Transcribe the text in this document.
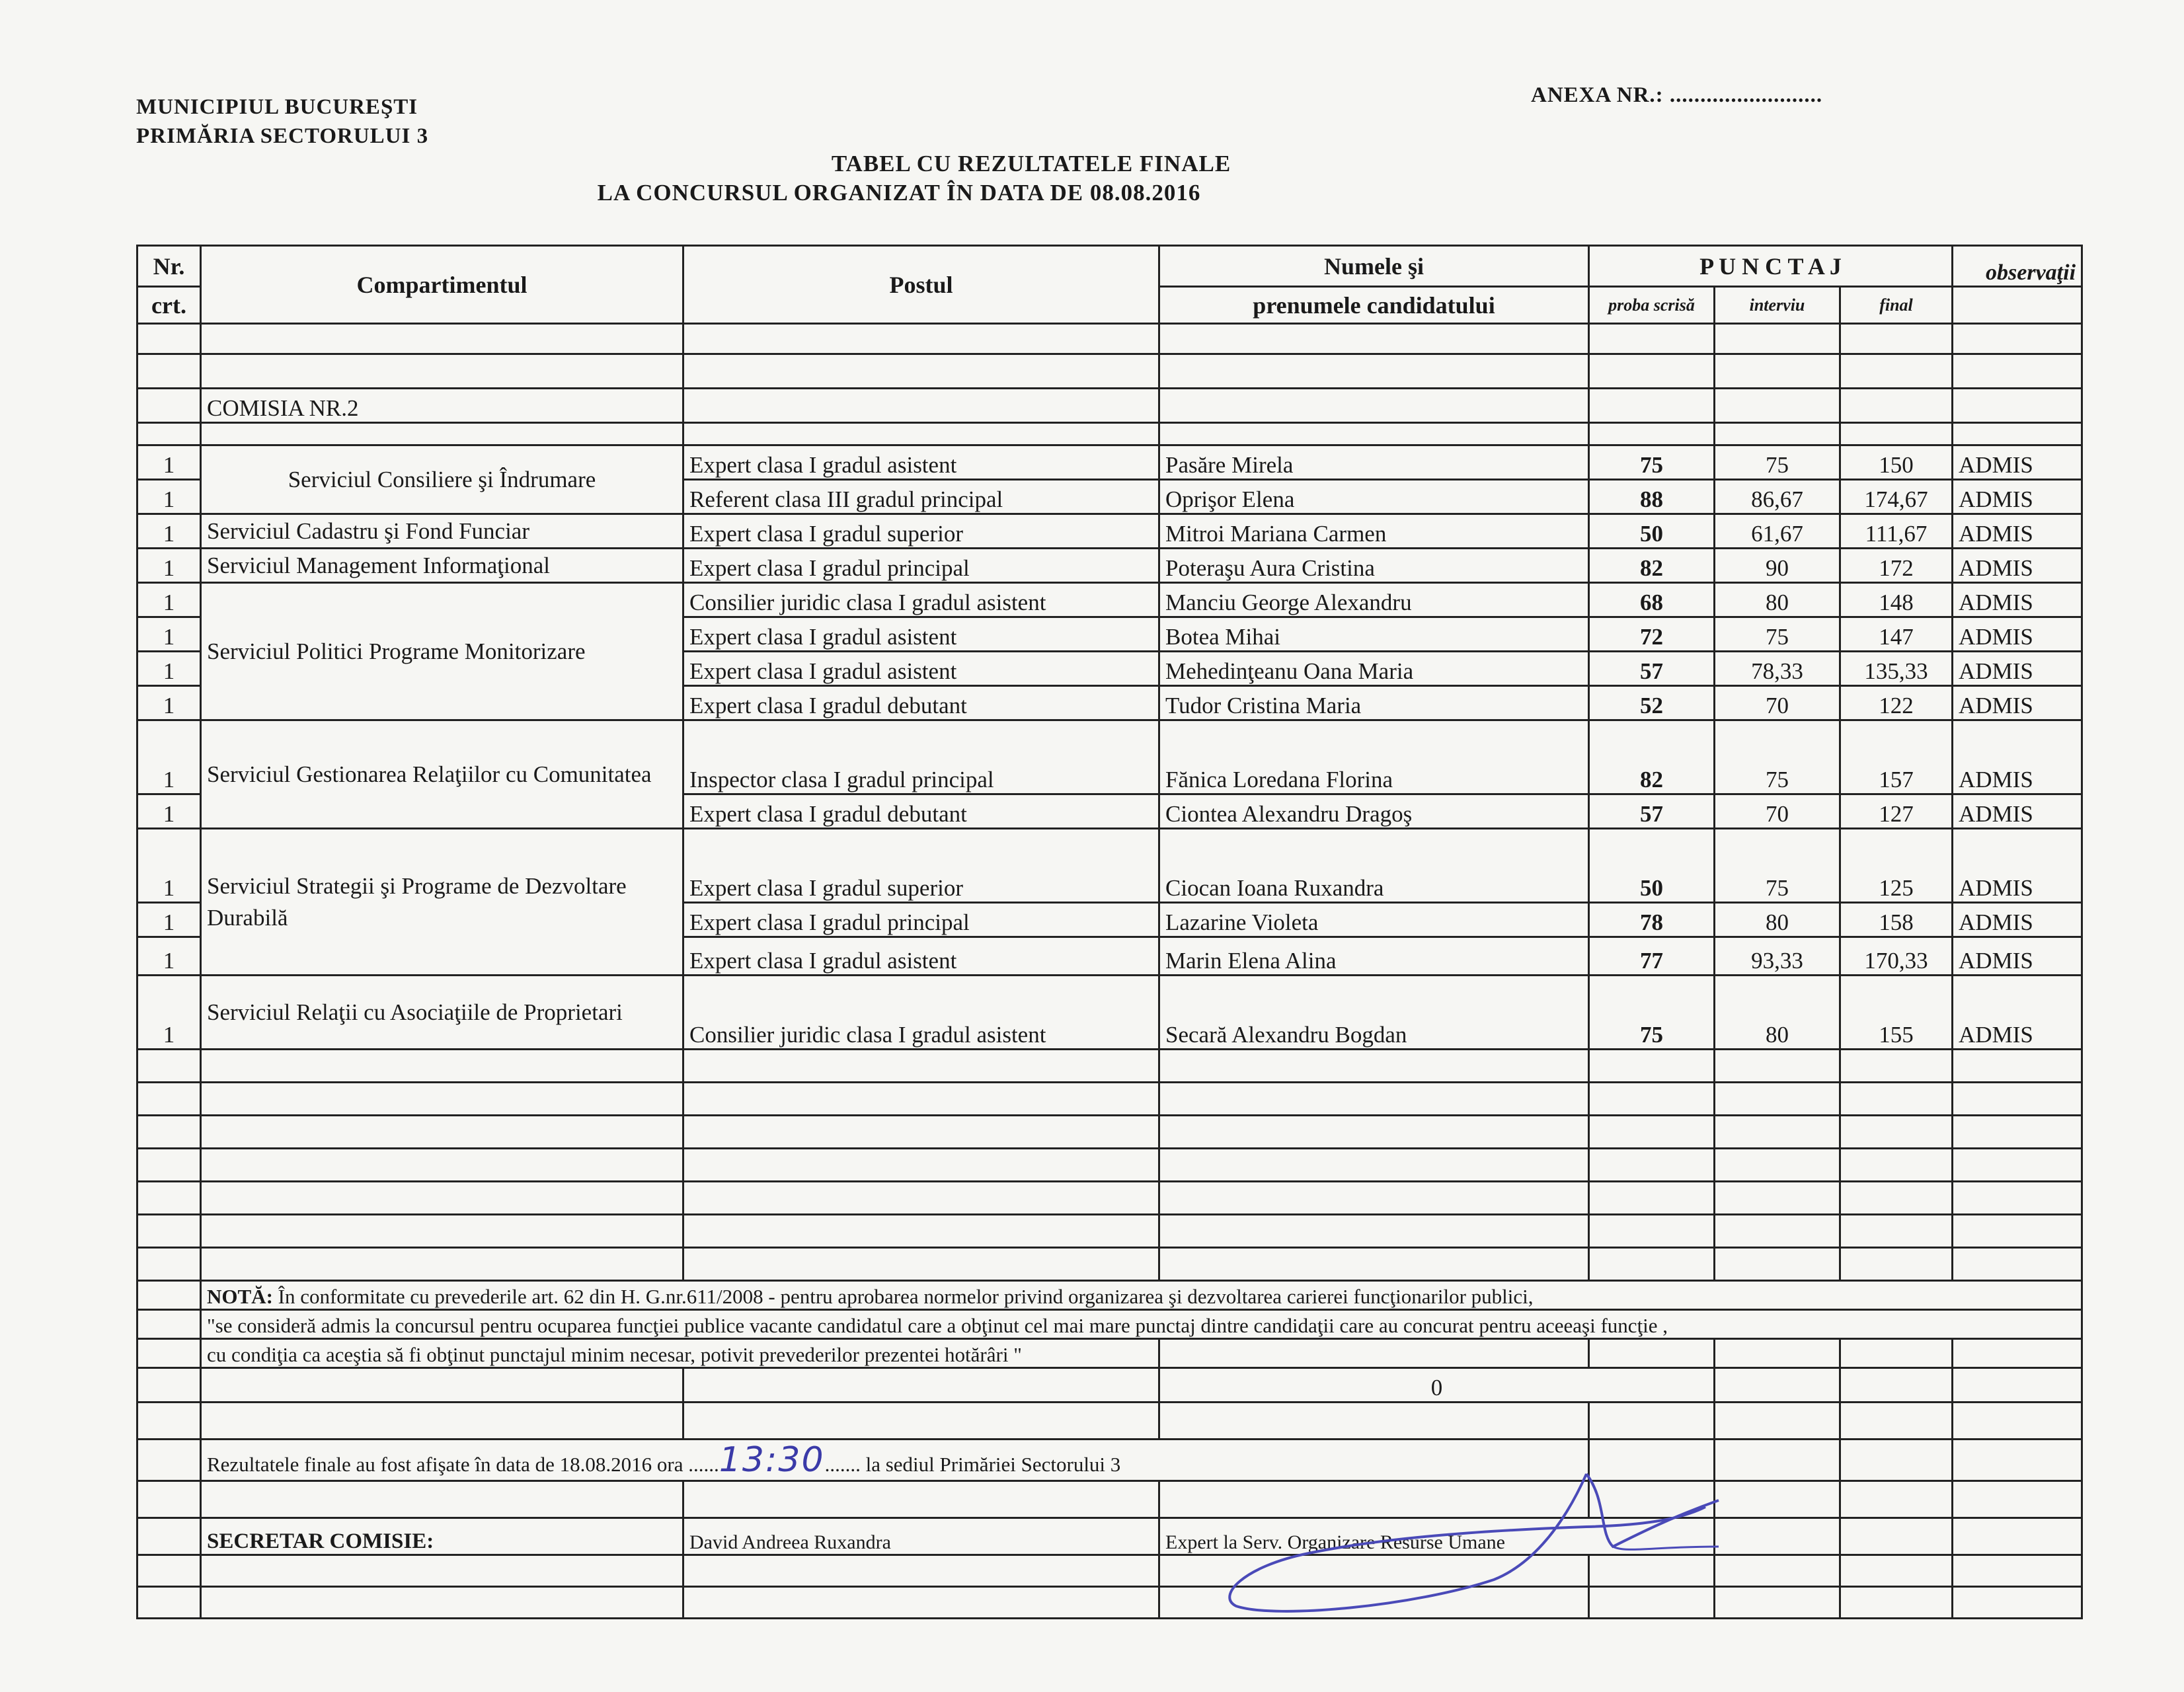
MUNICIPIUL BUCUREŞTI
PRIMĂRIA SECTORULUI 3
ANEXA NR.: .........................
TABEL CU REZULTATELE FINALE
LA CONCURSUL ORGANIZAT ÎN DATA DE 08.08.2016
Nr.	Compartimentul	Postul	Numele şi	P U N C T A J			observaţii
crt.			prenumele candidatului	proba scrisă	interviu	final	

	COMISIA NR.2						

1	Serviciul Consiliere şi Îndrumare	Expert clasa I gradul asistent	Pasăre Mirela	75	75	150	ADMIS
1		Referent clasa III gradul principal	Oprişor Elena	88	86,67	174,67	ADMIS
1	Serviciul Cadastru şi Fond Funciar	Expert clasa I gradul superior	Mitroi Mariana Carmen	50	61,67	111,67	ADMIS
1	Serviciul Management Informaţional	Expert clasa I gradul principal	Poteraşu Aura Cristina	82	90	172	ADMIS
1	Serviciul Politici Programe Monitorizare	Consilier juridic clasa I gradul asistent	Manciu George Alexandru	68	80	148	ADMIS
1		Expert clasa I gradul asistent	Botea Mihai	72	75	147	ADMIS
1		Expert clasa I gradul asistent	Mehedinţeanu Oana Maria	57	78,33	135,33	ADMIS
1		Expert clasa I gradul debutant	Tudor Cristina Maria	52	70	122	ADMIS
1	Serviciul Gestionarea Relaţiilor cu Comunitatea	Inspector clasa I gradul principal	Fănica Loredana Florina	82	75	157	ADMIS
1		Expert clasa I gradul debutant	Ciontea Alexandru Dragoş	57	70	127	ADMIS
1	Serviciul Strategii şi Programe de Dezvoltare Durabilă	Expert clasa I gradul superior	Ciocan Ioana Ruxandra	50	75	125	ADMIS
1		Expert clasa I gradul principal	Lazarine Violeta	78	80	158	ADMIS
1		Expert clasa I gradul asistent	Marin Elena Alina	77	93,33	170,33	ADMIS
1	Serviciul Relaţii cu Asociaţiile de Proprietari	Consilier juridic clasa I gradul asistent	Secară Alexandru Bogdan	75	80	155	ADMIS

	NOTĂ: În conformitate cu prevederile art. 62 din H. G.nr.611/2008 - pentru aprobarea normelor privind organizarea şi dezvoltarea carierei funcţionarilor publici,						
	"se consideră admis la concursul pentru ocuparea funcţiei publice vacante candidatul care a obţinut cel mai mare punctaj dintre candidaţii care au concurat pentru aceeaşi funcţie ,						
	cu condiţia ca aceştia să fi obţinut punctajul minim necesar, potivit prevederilor prezentei hotărâri "						
			0				

	Rezultatele finale au fost afişate în data de 18.08.2016 ora ......13:30....... la sediul Primăriei Sectorului 3						

	SECRETAR COMISIE:	David Andreea Ruxandra	Expert la Serv. Organizare Resurse Umane				
